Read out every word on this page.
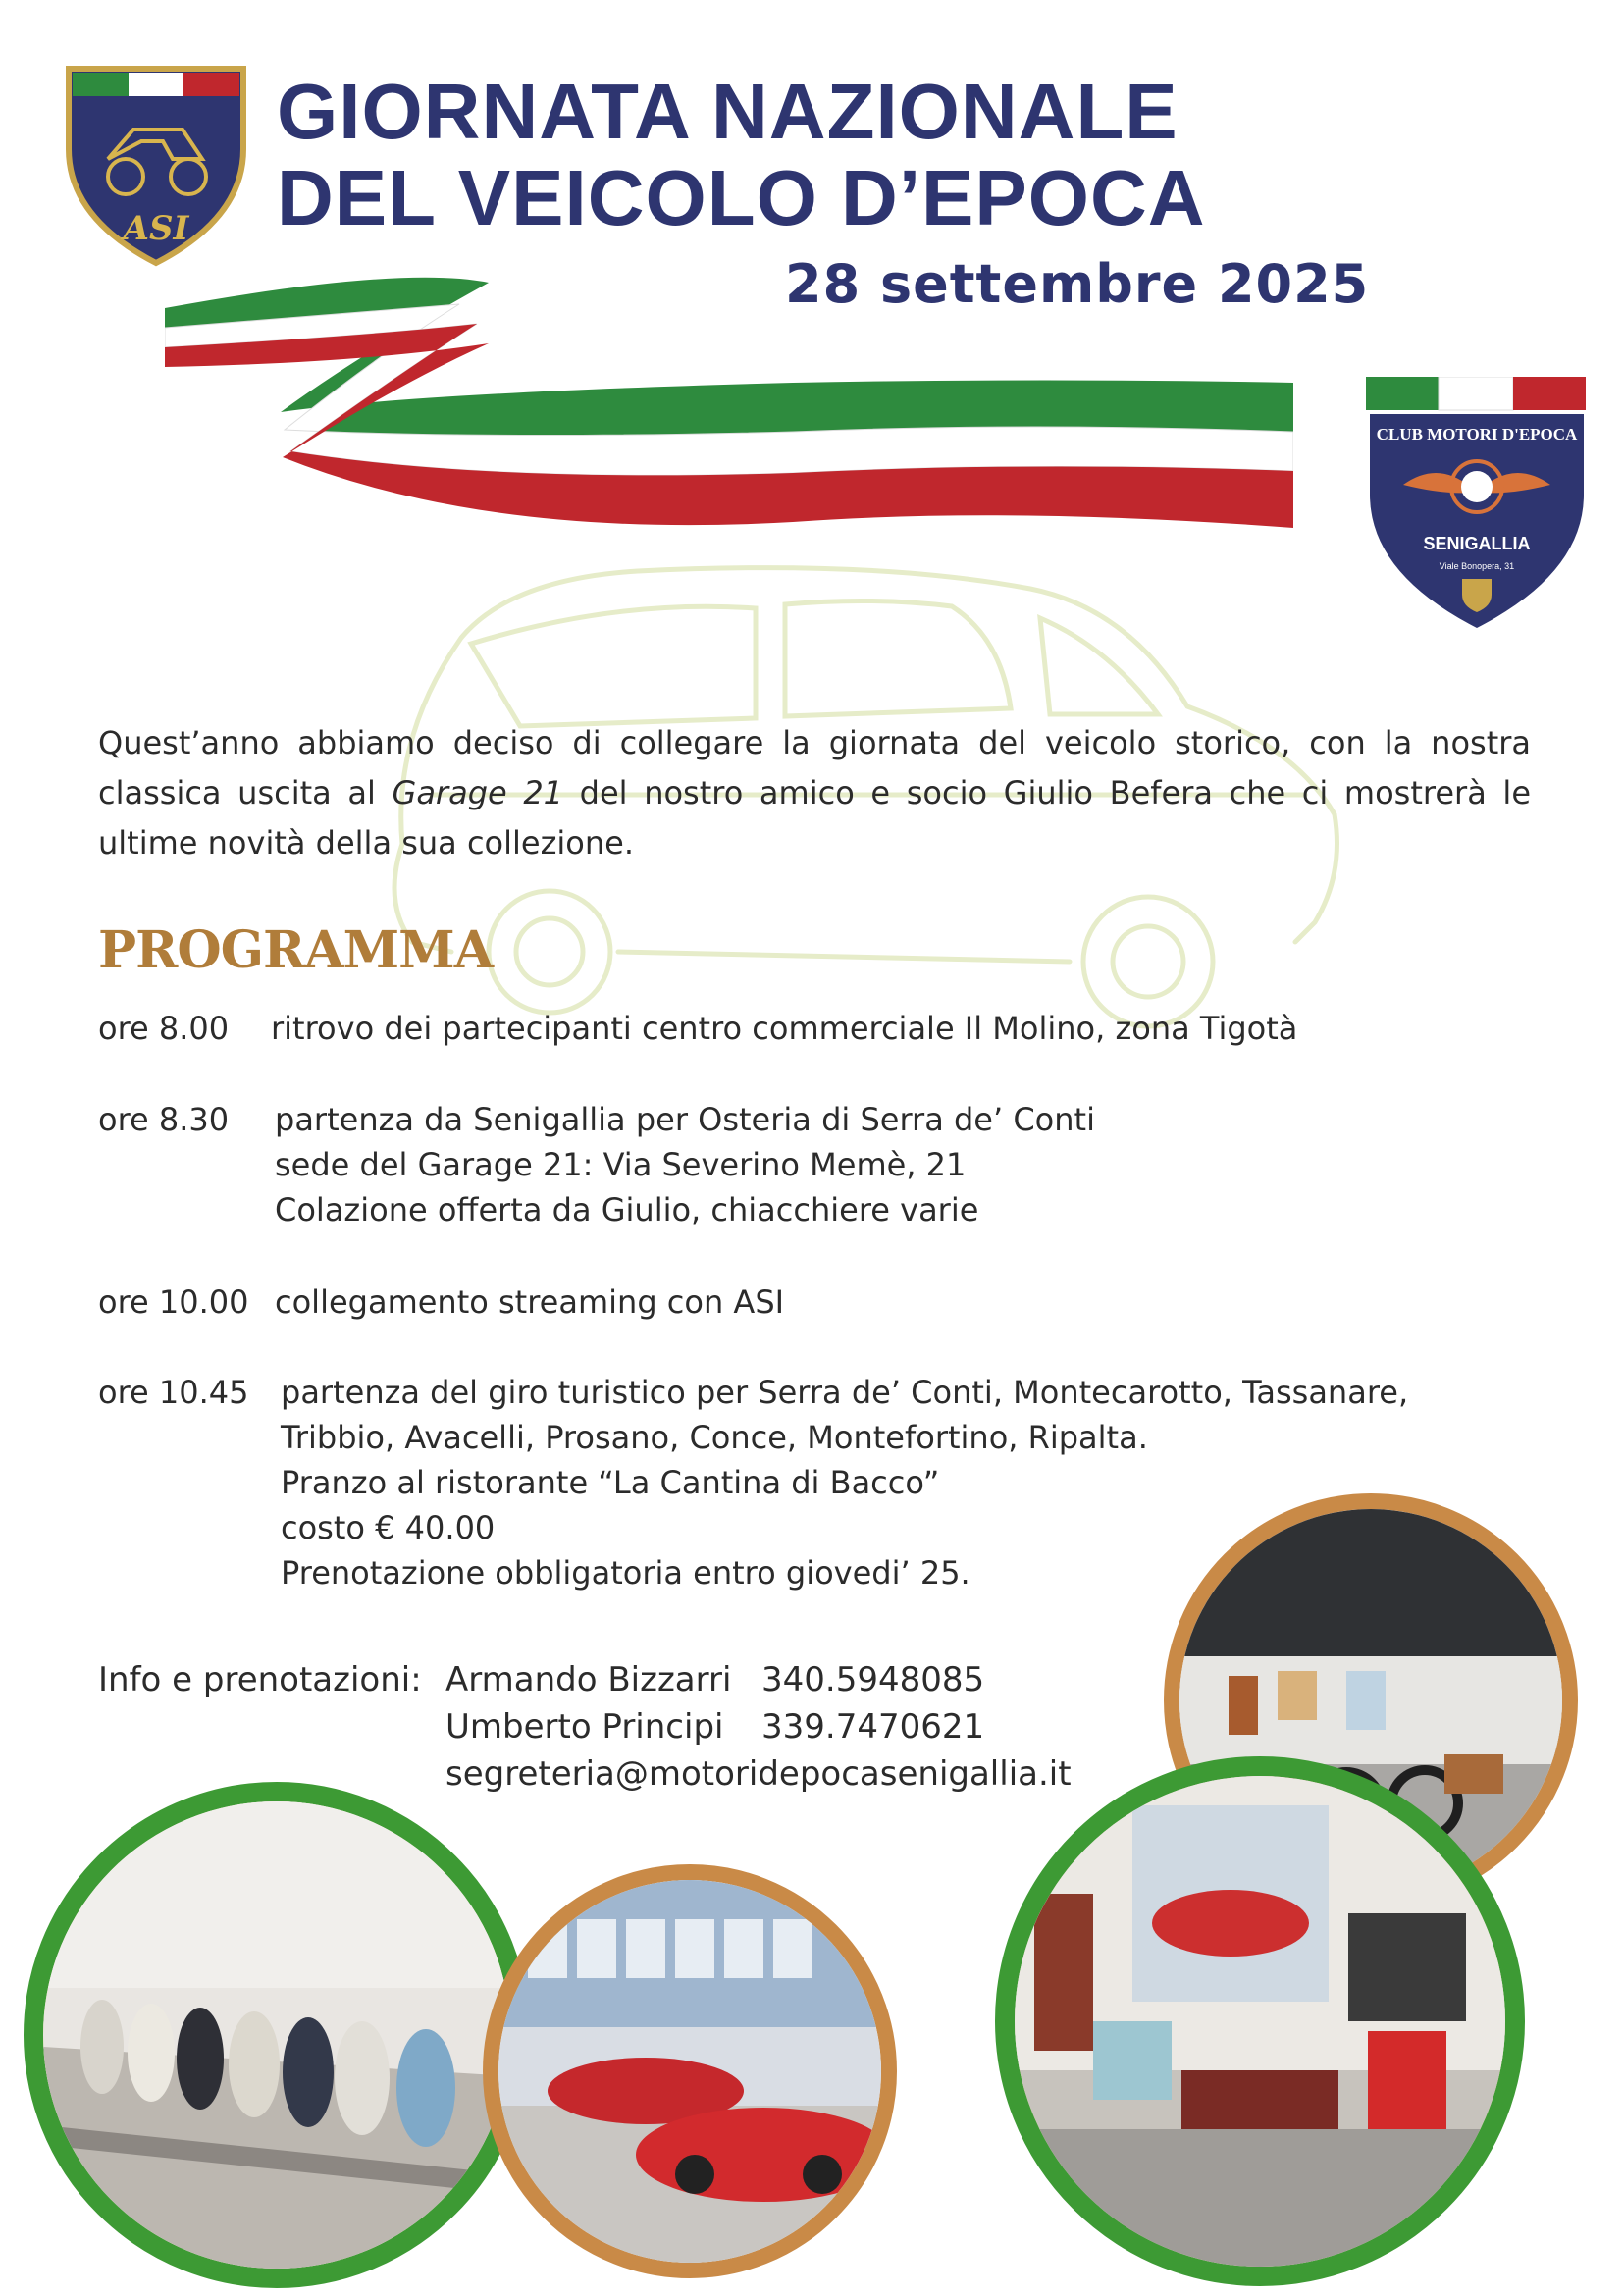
ASI
GIORNATA NAZIONALE
DEL VEICOLO D’EPOCA
28 settembre 2025
CLUB MOTORI D'EPOCA
SENIGALLIA
Viale Bonopera, 31

Quest’anno abbiamo deciso di collegare la giornata del veicolo storico, con la nostra classica uscita al Garage 21 del nostro amico e socio Giulio Befera che ci mostrerà le ultime novità della sua collezione.

PROGRAMMA
ore 8.00 ritrovo dei partecipanti centro commerciale Il Molino, zona Tigotà
ore 8.30 partenza da Senigallia per Osteria di Serra de’ Conti
sede del Garage 21: Via Severino Memè, 21
Colazione offerta da Giulio, chiacchiere varie
ore 10.00 collegamento streaming con ASI
ore 10.45 partenza del giro turistico per Serra de’ Conti, Montecarotto, Tassanare,
Tribbio, Avacelli, Prosano, Conce, Montefortino, Ripalta.
Pranzo al ristorante “La Cantina di Bacco”
costo € 40.00
Prenotazione obbligatoria entro giovedi’ 25.
Info e prenotazioni: Armando Bizzarri 340.5948085
Umberto Principi 339.7470621
segreteria@motoridepocasenigallia.it
